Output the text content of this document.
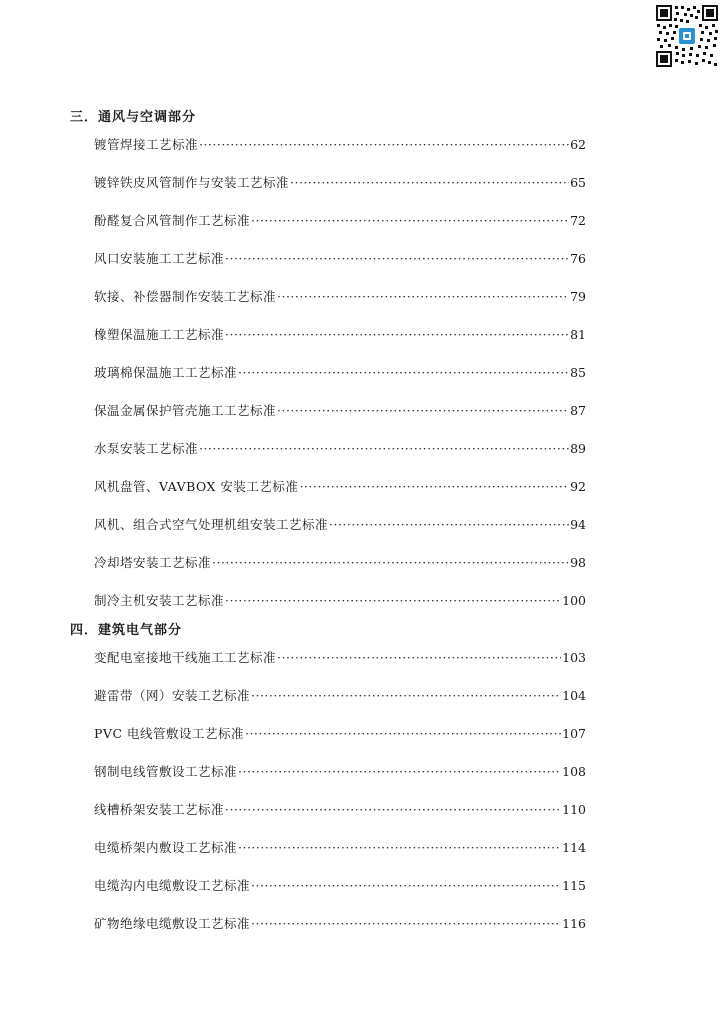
三．通风与空调部分
镀管焊接工艺标准 ·····	62
镀锌铁皮风管制作与安装工艺标准 ·····	65
酚醛复合风管制作工艺标准 ·····	72
风口安装施工工艺标准 ·····	76
软接、补偿器制作安装工艺标准 ·····	79
橡塑保温施工工艺标准 ·····	81
玻璃棉保温施工工艺标准 ·····	85
保温金属保护管壳施工工艺标准 ·····	87
水泵安装工艺标准 ·····	89
风机盘管、VAVBOX 安装工艺标准 ·····	92
风机、组合式空气处理机组安装工艺标准 ·····	94
冷却塔安装工艺标准 ·····	98
制冷主机安装工艺标准 ·····	100
四．建筑电气部分
变配电室接地干线施工工艺标准 ·····	103
避雷带（网）安装工艺标准 ·····	104
PVC 电线管敷设工艺标准 ·····	107
钢制电线管敷设工艺标准 ·····	108
线槽桥架安装工艺标准 ·····	110
电缆桥架内敷设工艺标准 ·····	114
电缆沟内电缆敷设工艺标准 ·····	115
矿物绝缘电缆敷设工艺标准 ·····	116
